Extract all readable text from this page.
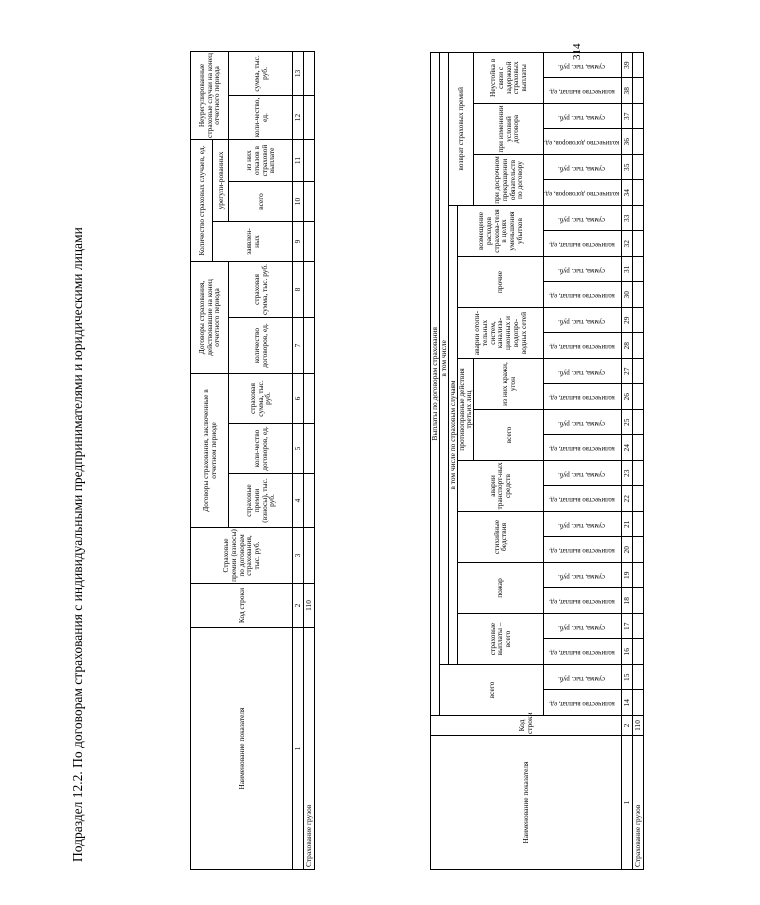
314
Подраздел 12.2. По договорам страхования с индивидуальными предпринимателями и юридическими лицами	Наименование показателя	Код строки	Страховые премии (взносы) по договорам страхования, тыс. руб.	Договоры страхования, заключенные в отчетном периоде			Договоры страхования, действовавшие на конец отчетного периода		Количество страховых случаев, ед.			Неурегулированные страховые случаи на конец отчетного периода	
								заявлен-ных	урегули-рованных			
			страховые премии (взносы), тыс. руб.	коли-чество договоров, ед.	страховая сумма, тыс. руб.	количество договоров, ед.	страховая сумма, тыс. руб.		всего	из них отказов в страховой выплате	коли-чество, ед.	сумма, тыс. руб.

1	2	3	4	5	6	7	8	9	10	11	12	13
Страхование грузов	110											
Наименование показателя	Код строки	Выплаты по договорам страхования																									
		всего		в том числе																							
				в том числе по страховым случаям																		возврат страховых премий					
				страховые выплаты – всего		пожар		стихийные бедствия		аварии транспорт-ных средств		противоправные действия третьих лиц				аварии отопи-тельных систем, канализа-ционных и водопро-водных сетей		прочие		возмещение расходов страхова-теля в целях уменьшения убытков							
												всего		из них кражи, угон								при досрочном прекращении обязательств по договору		при изменении условий договора		Неустойка в связи с задержкой страховых выплаты	

		количество выплат, ед.	сумма, тыс. руб.	количество выплат, ед.	сумма, тыс. руб.	количество выплат, ед.	сумма, тыс. руб.	количество выплат, ед.	сумма, тыс. руб.	количество выплат, ед.	сумма, тыс. руб.	количество выплат, ед.	сумма, тыс. руб.	количество выплат, ед.	сумма, тыс. руб.	количество выплат, ед.	сумма, тыс. руб.	количество выплат, ед.	сумма, тыс. руб.	количество выплат, ед.	сумма, тыс. руб.	количество договоров, ед.	сумма, тыс. руб.	количество договоров, ед.	сумма, тыс. руб.	количество выплат, ед.	сумма, тыс. руб.
1	2	14	15	16	17	18	19	20	21	22	23	24	25	26	27	28	29	30	31	32	33	34	35	36	37	38	39
Страхование грузов	110																										
